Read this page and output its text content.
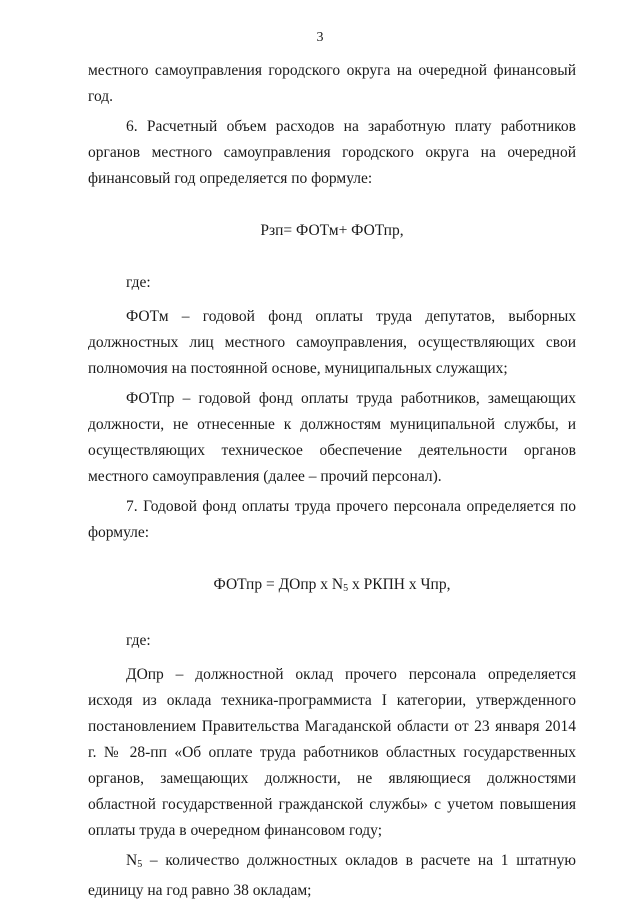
3

местного самоуправления городского округа на очередной финансовый год.

6. Расчетный объем расходов на заработную плату работников органов местного самоуправления городского округа на очередной финансовый год определяется по формуле:

Рзп= ФОТм+ ФОТпр,

где:

ФОТм – годовой фонд оплаты труда депутатов, выборных должностных лиц местного самоуправления, осуществляющих свои полномочия на постоянной основе, муниципальных служащих;

ФОТпр – годовой фонд оплаты труда работников, замещающих должности, не отнесенные к должностям муниципальной службы, и осуществляющих техническое обеспечение деятельности органов местного самоуправления (далее – прочий персонал).

7. Годовой фонд оплаты труда прочего персонала определяется по формуле:

ФОТпр = ДОпр х $N_5$ х РКПН х Чпр,

где:

ДОпр – должностной оклад прочего персонала определяется исходя из оклада техника-программиста I категории, утвержденного постановлением Правительства Магаданской области от 23 января 2014 г. № 28-пп «Об оплате труда работников областных государственных органов, замещающих должности, не являющиеся должностями областной государственной гражданской службы» с учетом повышения оплаты труда в очередном финансовом году;

$N_5$ – количество должностных окладов в расчете на 1 штатную единицу на год равно 38 окладам;
